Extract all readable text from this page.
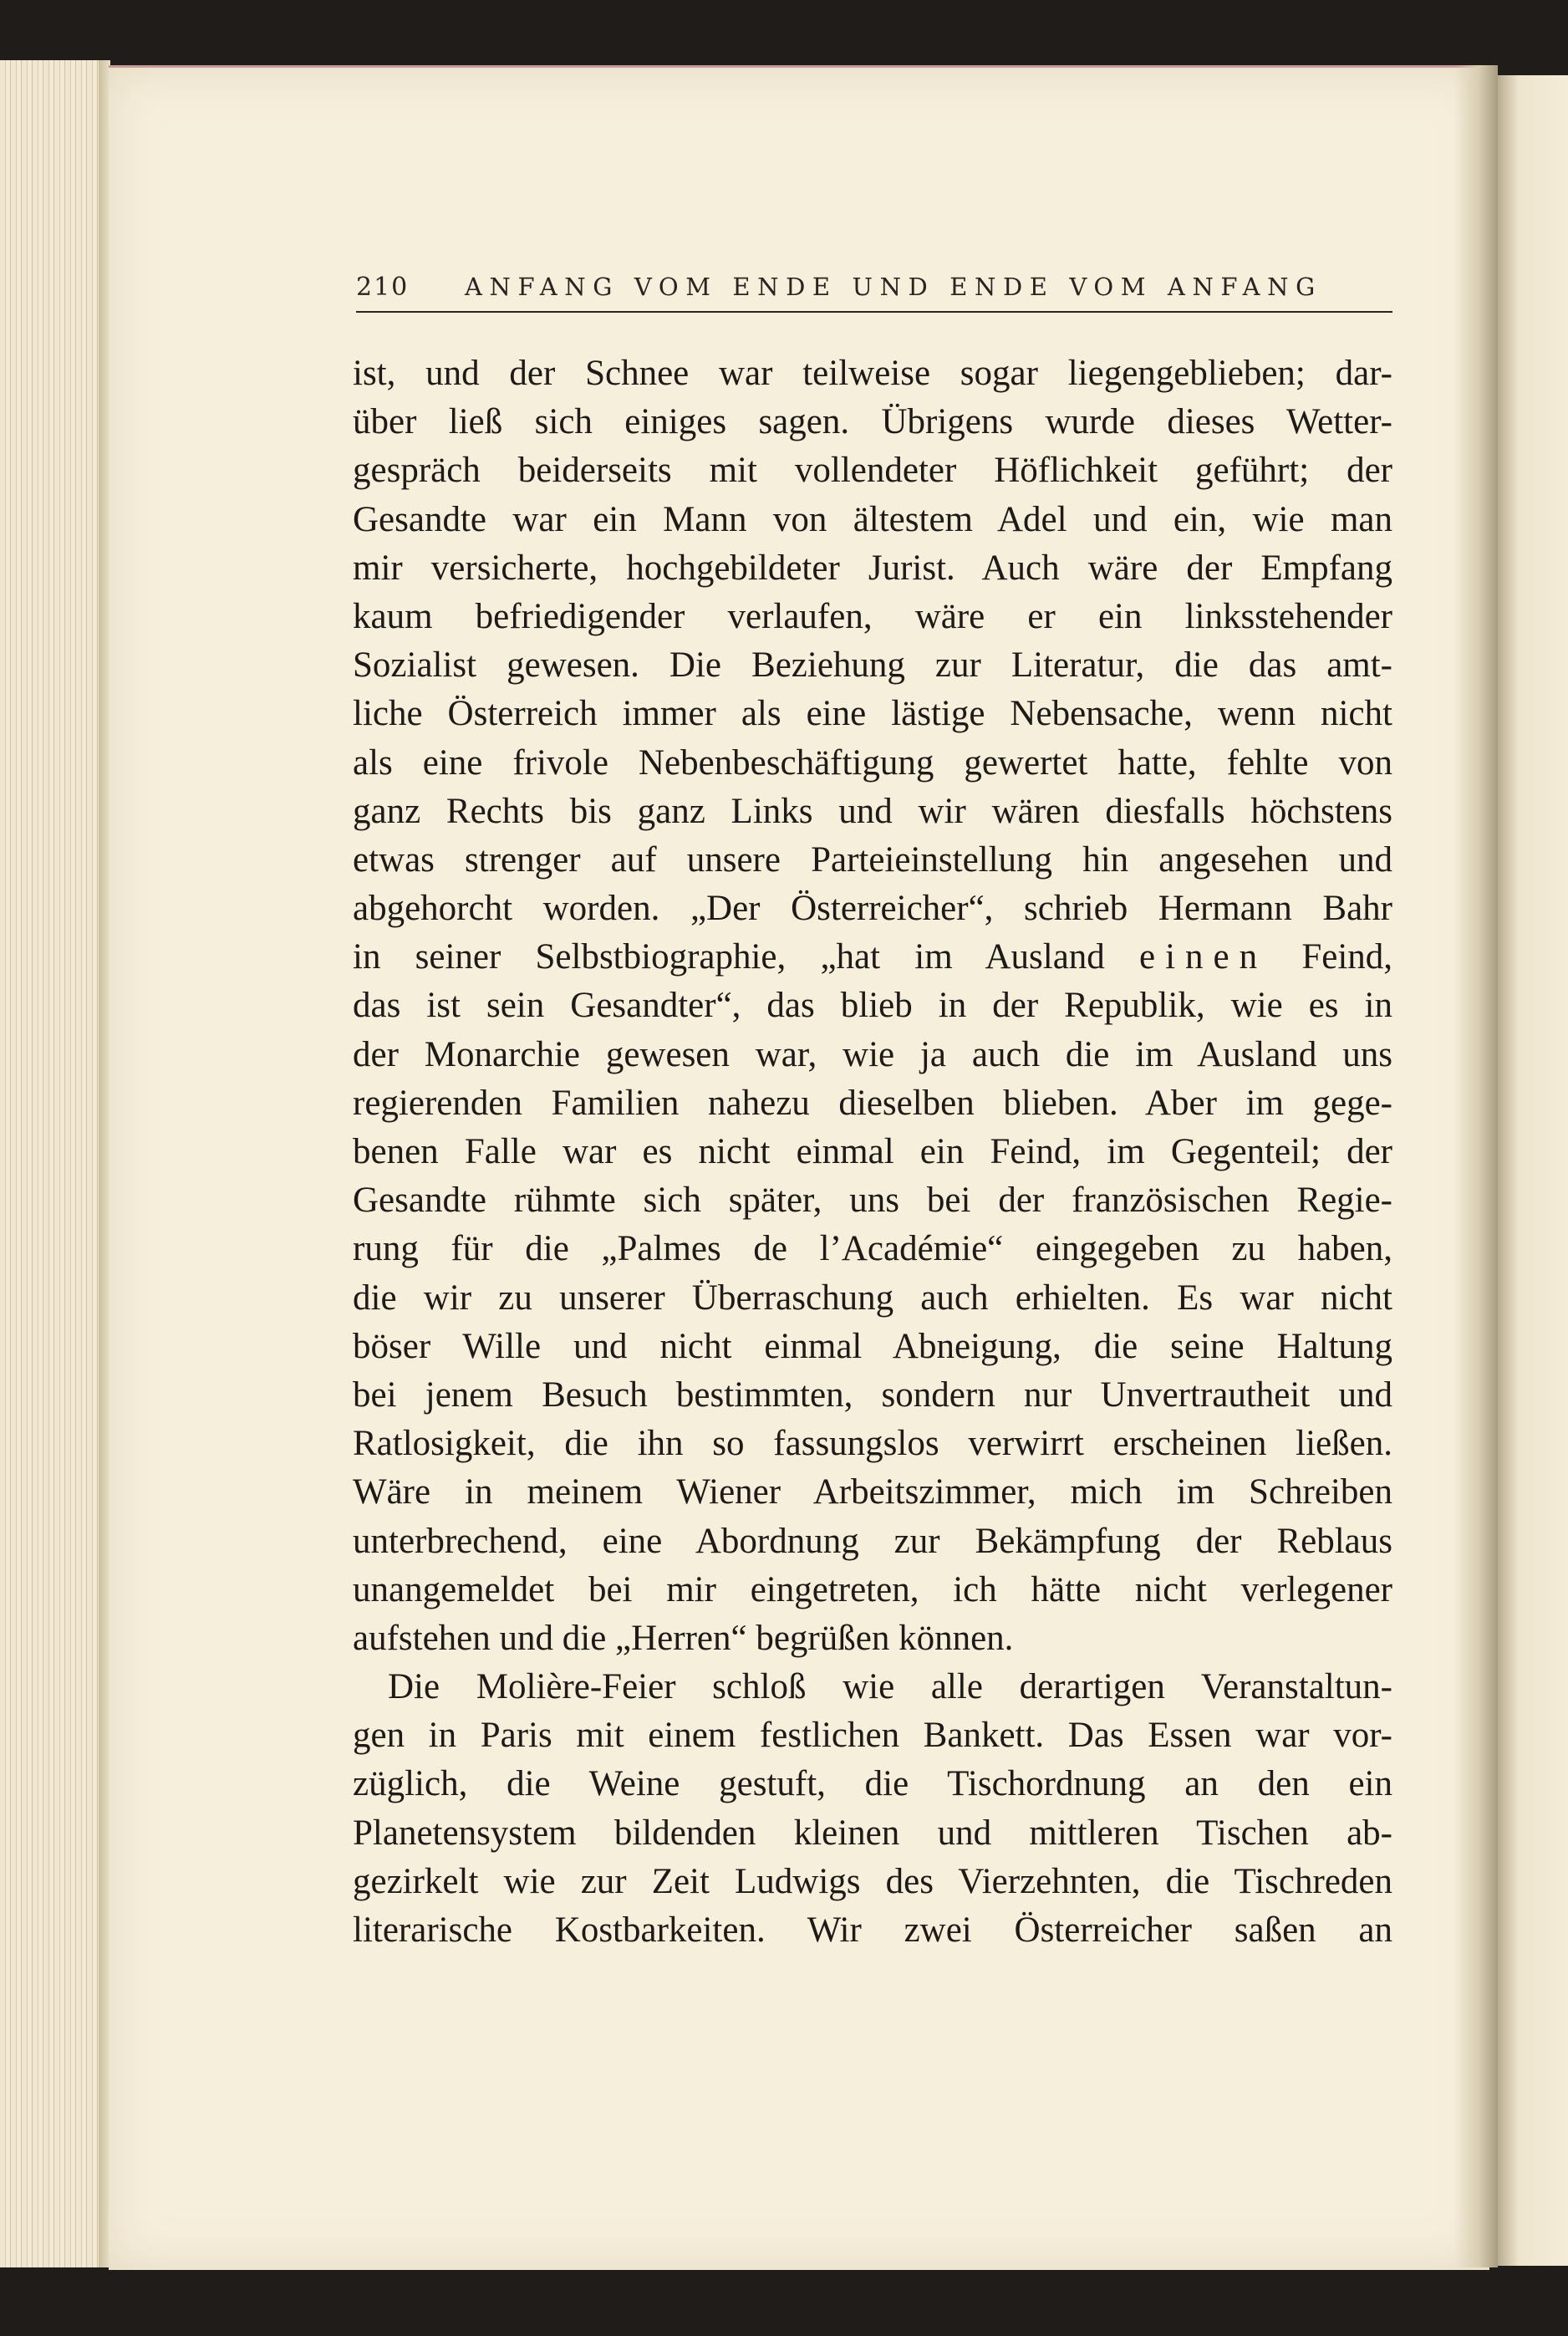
210 ANFANG VOM ENDE UND ENDE VOM ANFANG
ist, und der Schnee war teilweise sogar liegengeblieben; dar-
über ließ sich einiges sagen. Übrigens wurde dieses Wetter-
gespräch beiderseits mit vollendeter Höflichkeit geführt; der
Gesandte war ein Mann von ältestem Adel und ein, wie man
mir versicherte, hochgebildeter Jurist. Auch wäre der Empfang
kaum befriedigender verlaufen, wäre er ein linksstehender
Sozialist gewesen. Die Beziehung zur Literatur, die das amt-
liche Österreich immer als eine lästige Nebensache, wenn nicht
als eine frivole Nebenbeschäftigung gewertet hatte, fehlte von
ganz Rechts bis ganz Links und wir wären diesfalls höchstens
etwas strenger auf unsere Parteieinstellung hin angesehen und
abgehorcht worden. „Der Österreicher“, schrieb Hermann Bahr
in seiner Selbstbiographie, „hat im Ausland einen Feind,
das ist sein Gesandter“, das blieb in der Republik, wie es in
der Monarchie gewesen war, wie ja auch die im Ausland uns
regierenden Familien nahezu dieselben blieben. Aber im gege-
benen Falle war es nicht einmal ein Feind, im Gegenteil; der
Gesandte rühmte sich später, uns bei der französischen Regie-
rung für die „Palmes de l’Académie“ eingegeben zu haben,
die wir zu unserer Überraschung auch erhielten. Es war nicht
böser Wille und nicht einmal Abneigung, die seine Haltung
bei jenem Besuch bestimmten, sondern nur Unvertrautheit und
Ratlosigkeit, die ihn so fassungslos verwirrt erscheinen ließen.
Wäre in meinem Wiener Arbeitszimmer, mich im Schreiben
unterbrechend, eine Abordnung zur Bekämpfung der Reblaus
unangemeldet bei mir eingetreten, ich hätte nicht verlegener
aufstehen und die „Herren“ begrüßen können.
Die Molière-Feier schloß wie alle derartigen Veranstaltun-
gen in Paris mit einem festlichen Bankett. Das Essen war vor-
züglich, die Weine gestuft, die Tischordnung an den ein
Planetensystem bildenden kleinen und mittleren Tischen ab-
gezirkelt wie zur Zeit Ludwigs des Vierzehnten, die Tischreden
literarische Kostbarkeiten. Wir zwei Österreicher saßen an
